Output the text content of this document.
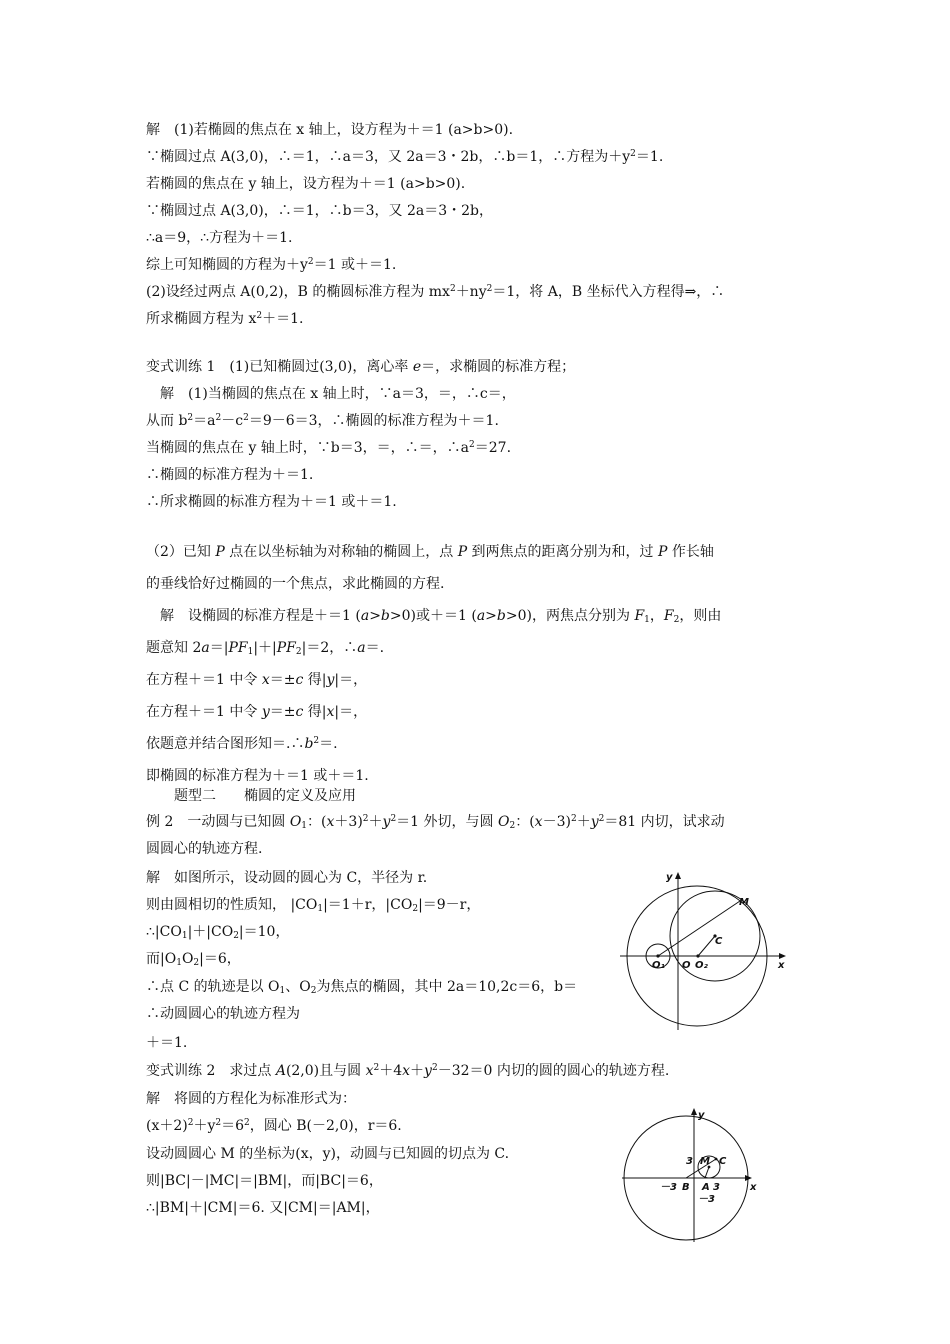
解　(1)若椭圆的焦点在 x 轴上，设方程为＋＝1 (a>b>0).
∵椭圆过点 A(3,0)，∴＝1，∴a＝3，又 2a＝3・2b，∴b＝1，∴方程为$+y^2=1$.
若椭圆的焦点在 y 轴上，设方程为＋＝1 (a>b>0).
∵椭圆过点 A(3,0)，∴＝1，∴b＝3，又 2a＝3・2b，
∴a＝9，∴方程为＋＝1.
综上可知椭圆的方程为$+y^2=1$ 或＋＝1.
(2)设经过两点 A(0,2)，B 的椭圆标准方程为 $mx^2+ny^2=1$，将 A，B 坐标代入方程得⇒，∴
所求椭圆方程为 $x^2+=1$.
变式训练 1　(1)已知椭圆过(3,0)，离心率 e＝，求椭圆的标准方程；
　解　(1)当椭圆的焦点在 x 轴上时，∵a＝3，＝，∴c＝，
从而 $b^2=a^2-c^2=9-6=3$，∴椭圆的标准方程为＋＝1.
当椭圆的焦点在 y 轴上时，∵b＝3，＝，∴＝，$\therefore a^2=27$.
∴椭圆的标准方程为＋＝1.
∴所求椭圆的标准方程为＋＝1 或＋＝1.
（2）已知 P 点在以坐标轴为对称轴的椭圆上，点 P 到两焦点的距离分别为和，过 P 作长轴
的垂线恰好过椭圆的一个焦点，求此椭圆的方程.
　解　设椭圆的标准方程是＋＝1 (a>b>0)或＋＝1 (a>b>0)，两焦点分别为 $F_1$，$F_2$，则由
题意知 $2a=|PF_1|+|PF_2|=2$，∴a＝.
在方程＋＝1 中令 x＝±c 得|y|＝，
在方程＋＝1 中令 y＝±c 得|x|＝，
依题意并结合图形知$=.\therefore b^2=$.
即椭圆的标准方程为＋＝1 或＋＝1.
　　题型二　　椭圆的定义及应用
例 2　一动圆与已知圆 $O_1$：$(x+3)^2+y^2=1$ 外切，与圆 $O_2$：$(x-3)^2+y^2=81$ 内切，试求动
圆圆心的轨迹方程.
解　如图所示，设动圆的圆心为 C，半径为 r.
则由圆相切的性质知， $|CO_1|=1+r$，$|CO_2|=9-r$，
$\therefore|CO_1|+|CO_2|=10$，
而$|O_1O_2|=6$，
∴点 C 的轨迹是以 $O_1$、$O_2$为焦点的椭圆，其中 2a＝10,2c＝6，b＝
∴动圆圆心的轨迹方程为
＋＝1.
变式训练 2　求过点 A(2,0)且与圆 $x^2+4x+y^2-32=0$ 内切的圆的圆心的轨迹方程.
解　将圆的方程化为标准形式为：
$(x+2)^2+y^2=6^2$，圆心 B(－2,0)，r＝6.
设动圆圆心 M 的坐标为(x，y)，动圆与已知圆的切点为 C.
则|BC|－|MC|＝|BM|，而|BC|＝6，
∴|BM|＋|CM|＝6. 又|CM|＝|AM|，
y
M
C
O₁ O O₂	x
y
M C
3
－3 B A 3
－3
x
